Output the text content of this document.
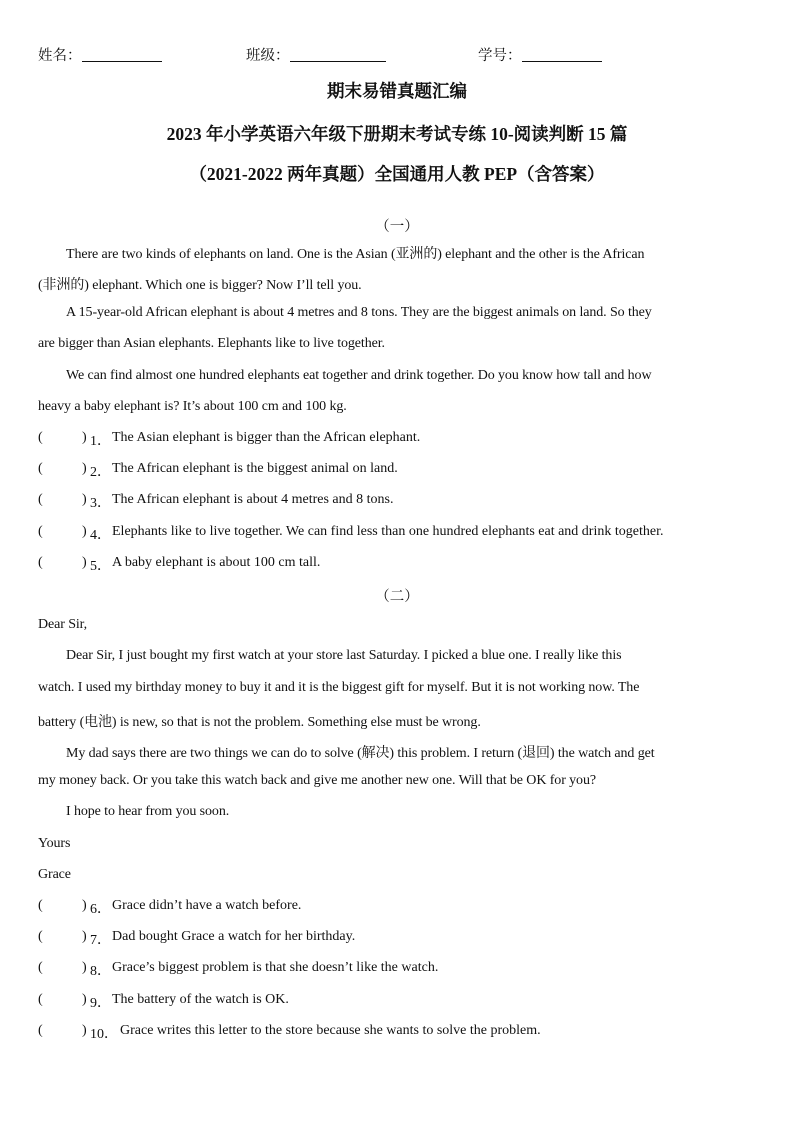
姓名：	班级：	学号：
期末易错真题汇编
2023 年小学英语六年级下册期末考试专练 10-阅读判断 15 篇
（2021-2022 两年真题）全国通用人教 PEP（含答案）
（一）
There are two kinds of elephants on land. One is the Asian (亚洲的) elephant and the other is the African
(非洲的) elephant. Which one is bigger? Now I’ll tell you.
A 15-year-old African elephant is about 4 metres and 8 tons. They are the biggest animals on land. So they
are bigger than Asian elephants. Elephants like to live together.
We can find almost one hundred elephants eat together and drink together. Do you know how tall and how
heavy a baby elephant is? It’s about 100 cm and 100 kg.
(	) 1． The Asian elephant is bigger than the African elephant.
(	) 2． The African elephant is the biggest animal on land.
(	) 3． The African elephant is about 4 metres and 8 tons.
(	) 4． Elephants like to live together. We can find less than one hundred elephants eat and drink together.
(	) 5． A baby elephant is about 100 cm tall.
（二）
Dear Sir,
Dear Sir, I just bought my first watch at your store last Saturday. I picked a blue one. I really like this
watch. I used my birthday money to buy it and it is the biggest gift for myself. But it is not working now. The
battery (电池) is new, so that is not the problem. Something else must be wrong.
My dad says there are two things we can do to solve (解决) this problem. I return (退回) the watch and get
my money back. Or you take this watch back and give me another new one. Will that be OK for you?
I hope to hear from you soon.
Yours
Grace
(	) 6． Grace didn’t have a watch before.
(	) 7． Dad bought Grace a watch for her birthday.
(	) 8． Grace’s biggest problem is that she doesn’t like the watch.
(	) 9． The battery of the watch is OK.
(	) 10． Grace writes this letter to the store because she wants to solve the problem.
